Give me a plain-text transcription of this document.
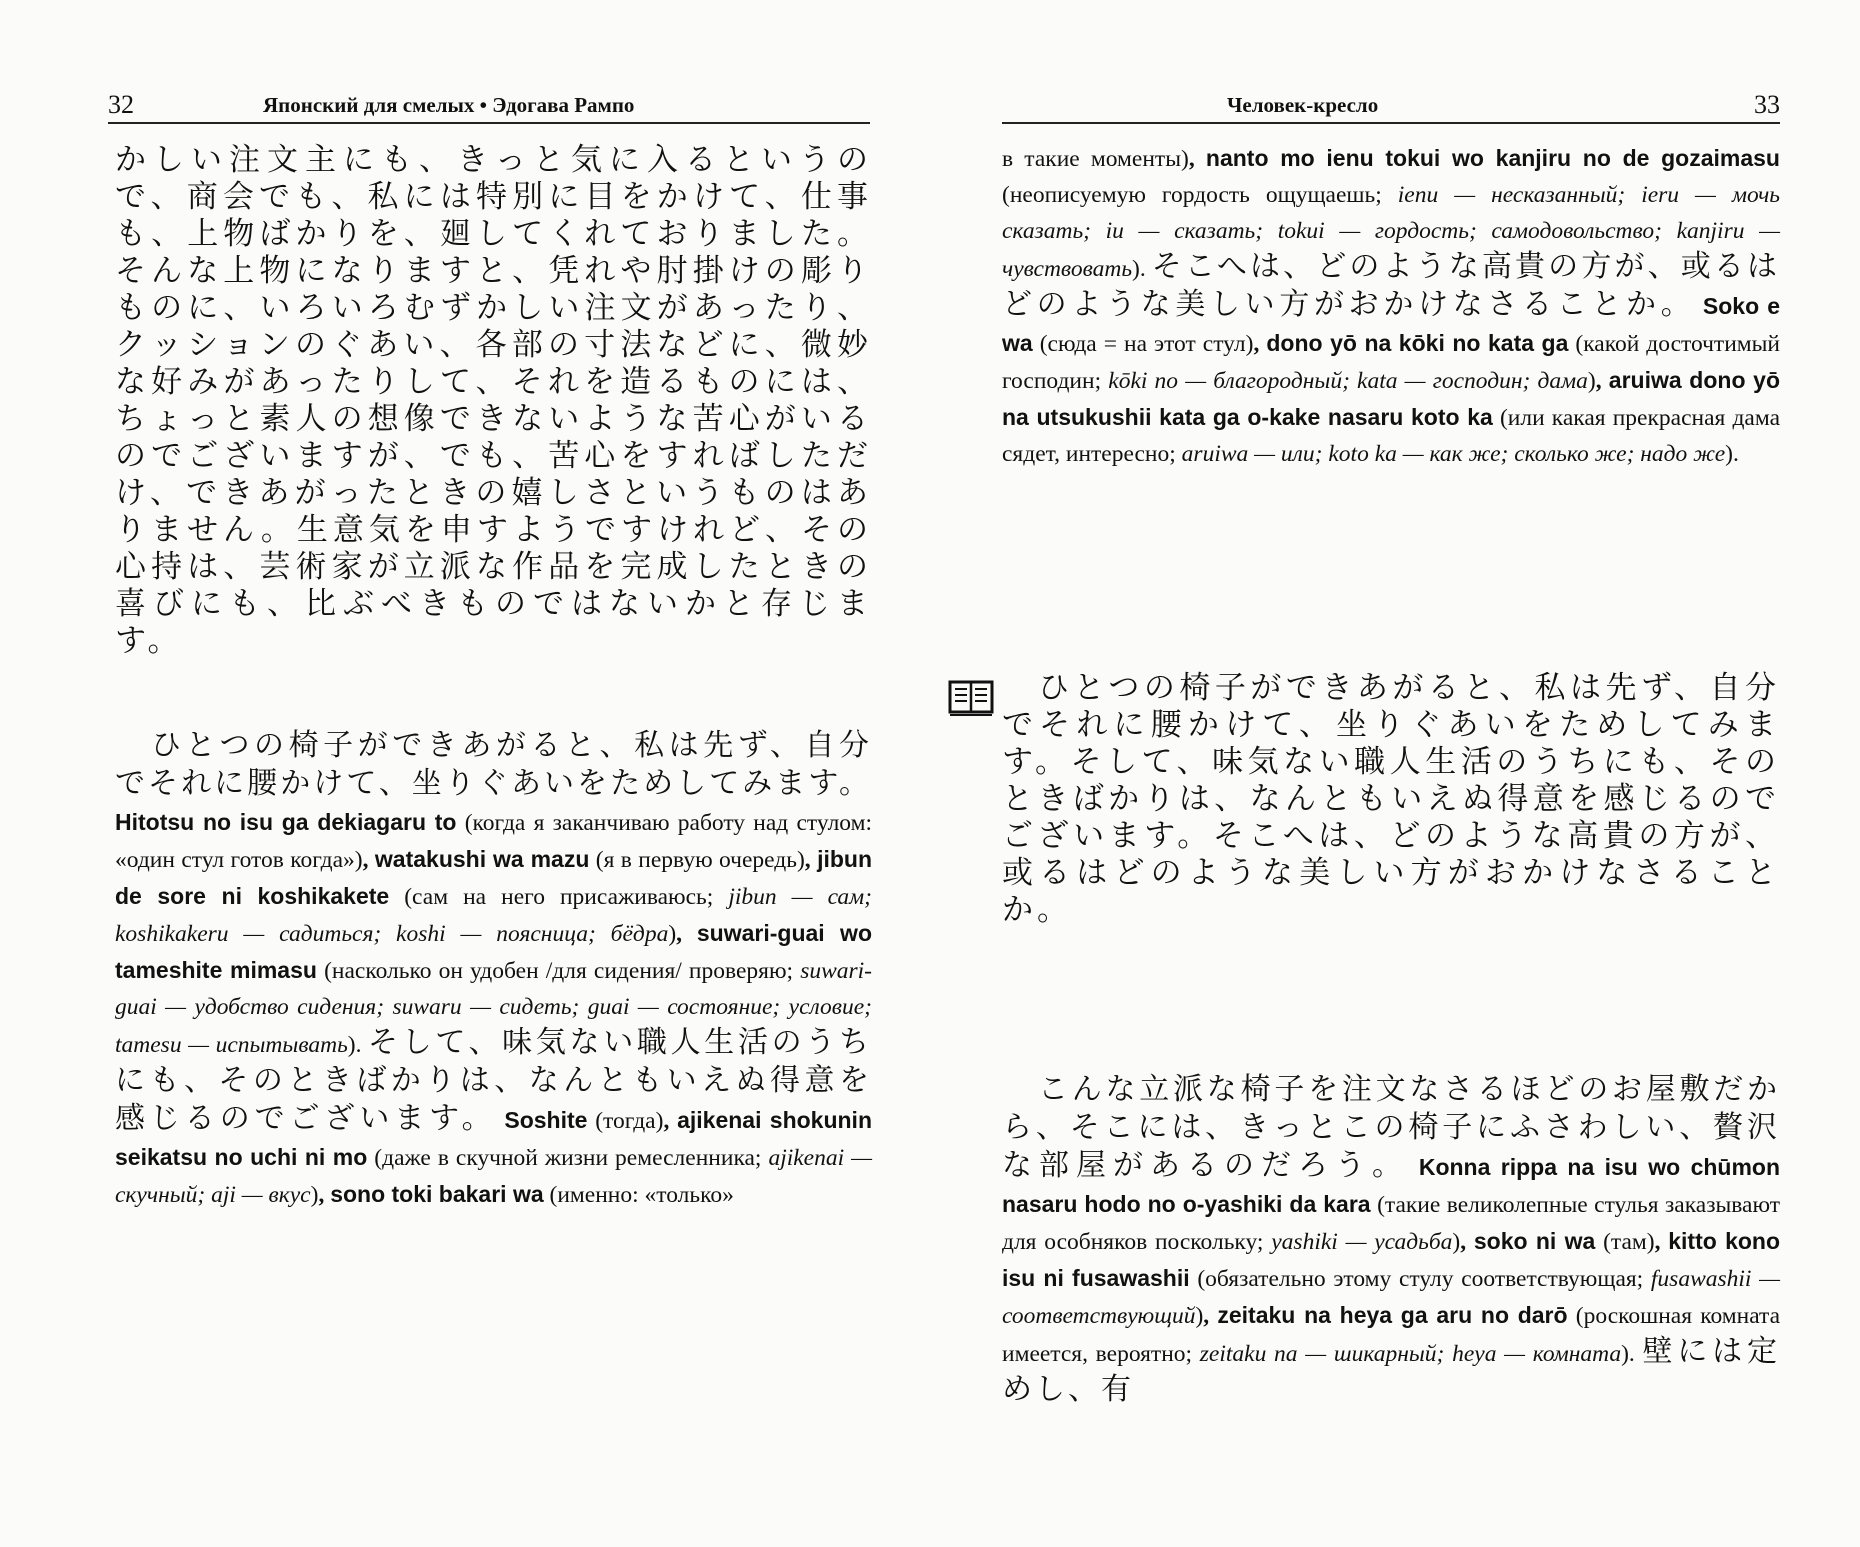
32	Японский для смелых • Эдогава Рампо

かしい注文主にも、きっと気に入るというので、商会でも、私には特別に目をかけて、仕事も、上物ばかりを、廻してくれておりました。そんな上物になりますと、凭れや肘掛けの彫りものに、いろいろむずかしい注文があったり、クッションのぐあい、各部の寸法などに、微妙な好みがあったりして、それを造るものには、ちょっと素人の想像できないような苦心がいるのでございますが、でも、苦心をすればしただけ、できあがったときの嬉しさというものはありません。生意気を申すようですけれど、その心持は、芸術家が立派な作品を完成したときの喜びにも、比ぶべきものではないかと存じます。

ひとつの椅子ができあがると、私は先ず、自分でそれに腰かけて、坐りぐあいをためしてみます。 Hitotsu no isu ga dekiagaru to (когда я заканчиваю работу над стулом: «один стул готов когда»), watakushi wa mazu (я в первую очередь), jibun de sore ni koshikakete (сам на него присаживаюсь; jibun — сам; koshikakeru — садиться; koshi — поясница; бёдра), suwari-guai wo tameshite mimasu (насколько он удобен /для сидения/ проверяю; suwari-guai — удобство сидения; suwaru — сидеть; guai — состояние; условие; tamesu — испытывать). そして、味気ない職人生活のうちにも、そのときばかりは、なんともいえぬ得意を感じるのでございます。 Soshite (тогда), ajikenai shokunin seikatsu no uchi ni mo (даже в скучной жизни ремесленника; ajikenai — скучный; aji — вкус), sono toki bakari wa (именно: «только»

Человек-кресло	33

в такие моменты), nanto mo ienu tokui wo kanjiru no de gozaimasu (неописуемую гордость ощущаешь; ienu — несказанный; ieru — мочь сказать; iu — сказать; tokui — гордость; самодовольство; kanjiru — чувствовать). そこへは、どのような高貴の方が、或るはどのような美しい方がおかけなさることか。 Soko e wa (сюда = на этот стул), dono yō na kōki no kata ga (какой досточтимый господин; kōki no — благородный; kata — господин; дама), aruiwa dono yō na utsukushii kata ga o-kake nasaru koto ka (или какая прекрасная дама сядет, интересно; aruiwa — или; koto ka — как же; сколько же; надо же).

ひとつの椅子ができあがると、私は先ず、自分でそれに腰かけて、坐りぐあいをためしてみます。そして、味気ない職人生活のうちにも、そのときばかりは、なんともいえぬ得意を感じるのでございます。そこへは、どのような高貴の方が、或るはどのような美しい方がおかけなさることか。

こんな立派な椅子を注文なさるほどのお屋敷だから、そこには、きっとこの椅子にふさわしい、贅沢な部屋があるのだろう。 Konna rippa na isu wo chūmon nasaru hodo no o-yashiki da kara (такие великолепные стулья заказывают для особняков поскольку; yashiki — усадьба), soko ni wa (там), kitto kono isu ni fusawashii (обязательно этому стулу соответствующая; fusawashii — соответствующий), zeitaku na heya ga aru no darō (роскошная комната имеется, вероятно; zeitaku na — шикарный; heya — комната). 壁には定めし、有
